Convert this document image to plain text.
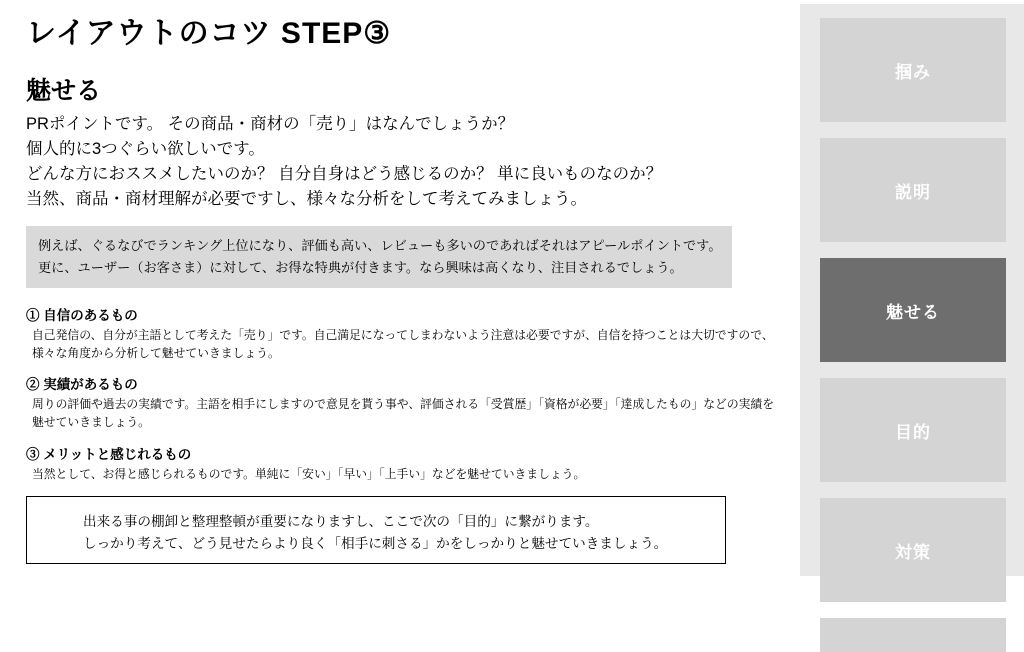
レイアウトのコツ STEP③
魅せる
PRポイントです。 その商品・商材の「売り」はなんでしょうか？
個人的に3つぐらい欲しいです。
どんな方におススメしたいのか？ 自分自身はどう感じるのか？ 単に良いものなのか？
当然、商品・商材理解が必要ですし、様々な分析をして考えてみましょう。
例えば、ぐるなびでランキング上位になり、評価も高い、レビューも多いのであればそれはアピールポイントです。
更に、ユーザー（お客さま）に対して、お得な特典が付きます。なら興味は高くなり、注目されるでしょう。
① 自信のあるもの
自己発信の、自分が主語として考えた「売り」です。自己満足になってしまわないよう注意は必要ですが、自信を持つことは大切ですので、様々な角度から分析して魅せていきましょう。
② 実績があるもの
周りの評価や過去の実績です。主語を相手にしますので意見を貰う事や、評価される「受賞歴」「資格が必要」「達成したもの」などの実績を魅せていきましょう。
③ メリットと感じれるもの
当然として、お得と感じられるものです。単純に「安い」「早い」「上手い」などを魅せていきましょう。
出来る事の棚卸と整理整頓が重要になりますし、ここで次の「目的」に繋がります。
しっかり考えて、どう見せたらより良く「相手に刺さる」かをしっかりと魅せていきましょう。
掴み
説明
魅せる
目的
対策
